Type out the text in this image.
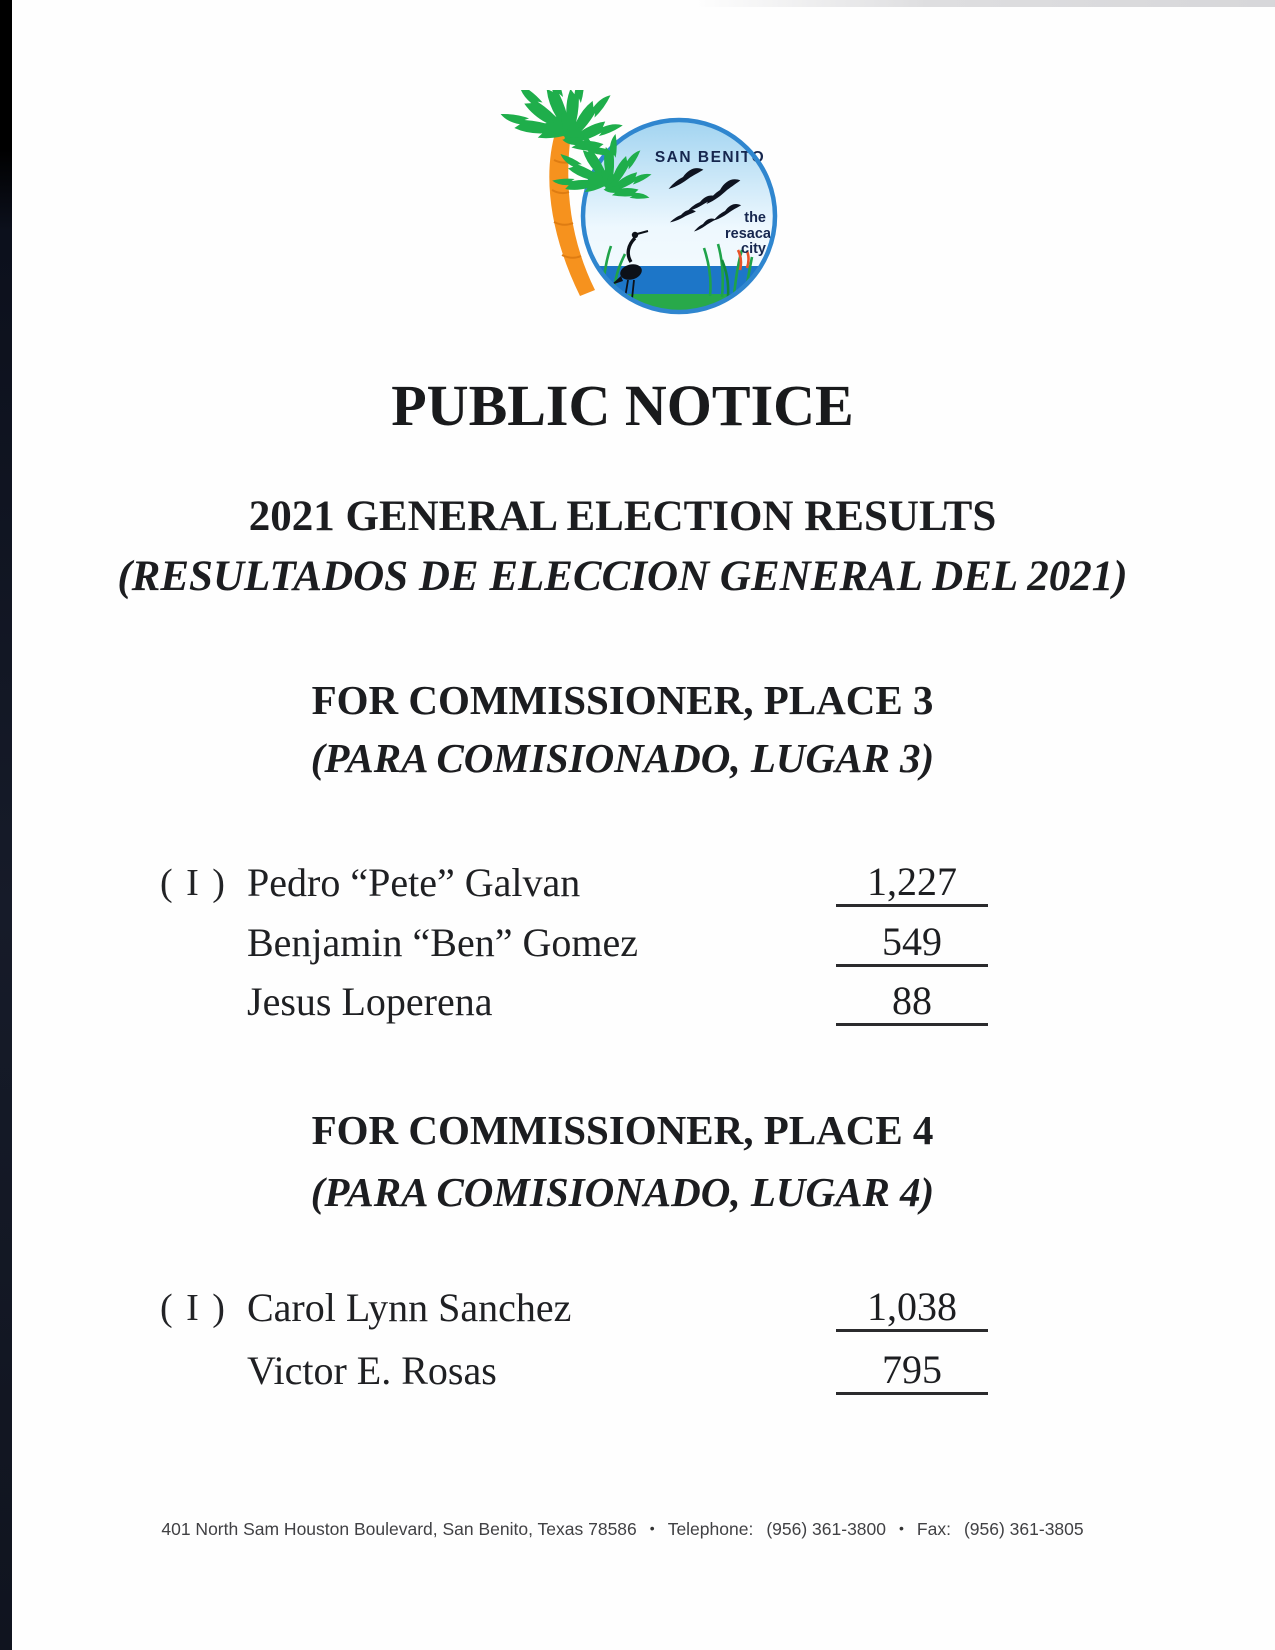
SAN BENITO
the
resaca
city
PUBLIC NOTICE
2021 GENERAL ELECTION RESULTS
(RESULTADOS DE ELECCION GENERAL DEL 2021)
FOR COMMISSIONER, PLACE 3
(PARA COMISIONADO, LUGAR 3)
( I ) Pedro “Pete” Galvan	1,227
Benjamin “Ben” Gomez	549
Jesus Loperena	88
FOR COMMISSIONER, PLACE 4
(PARA COMISIONADO, LUGAR 4)
( I ) Carol Lynn Sanchez	1,038
Victor E. Rosas	795
401 North Sam Houston Boulevard, San Benito, Texas 78586 • Telephone: (956) 361-3800 • Fax: (956) 361-3805
